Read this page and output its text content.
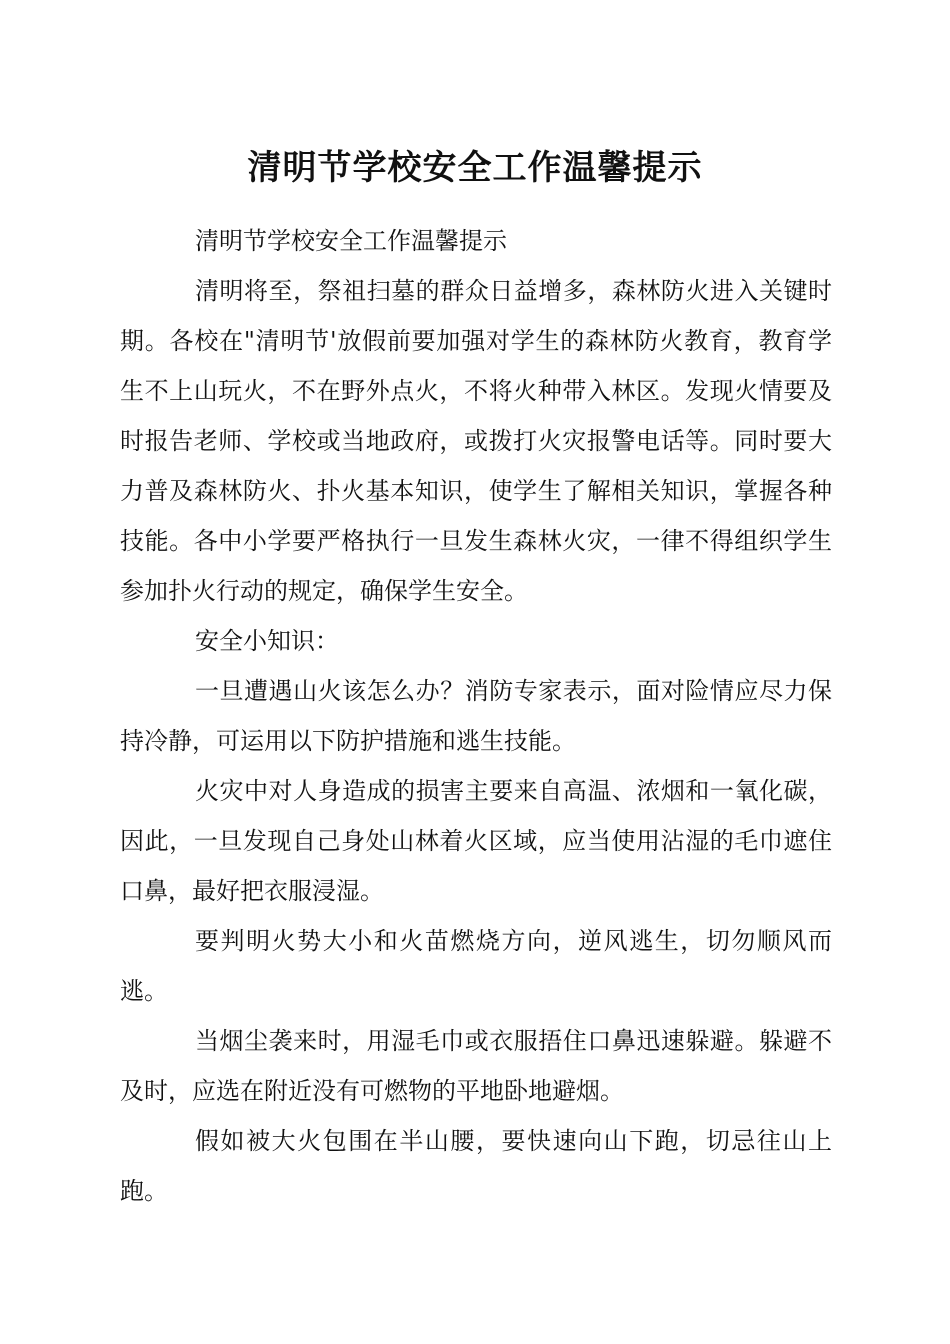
清明节学校安全工作温馨提示

清明节学校安全工作温馨提示

清明将至，祭祖扫墓的群众日益增多，森林防火进入关键时期。各校在"清明节'放假前要加强对学生的森林防火教育，教育学生不上山玩火，不在野外点火，不将火种带入林区。发现火情要及时报告老师、学校或当地政府，或拨打火灾报警电话等。同时要大力普及森林防火、扑火基本知识，使学生了解相关知识，掌握各种技能。各中小学要严格执行一旦发生森林火灾，一律不得组织学生参加扑火行动的规定，确保学生安全。

安全小知识：

一旦遭遇山火该怎么办？消防专家表示，面对险情应尽力保持冷静，可运用以下防护措施和逃生技能。

火灾中对人身造成的损害主要来自高温、浓烟和一氧化碳，因此，一旦发现自己身处山林着火区域，应当使用沾湿的毛巾遮住口鼻，最好把衣服浸湿。

要判明火势大小和火苗燃烧方向，逆风逃生，切勿顺风而逃。

当烟尘袭来时，用湿毛巾或衣服捂住口鼻迅速躲避。躲避不及时，应选在附近没有可燃物的平地卧地避烟。

假如被大火包围在半山腰，要快速向山下跑，切忌往山上跑。
